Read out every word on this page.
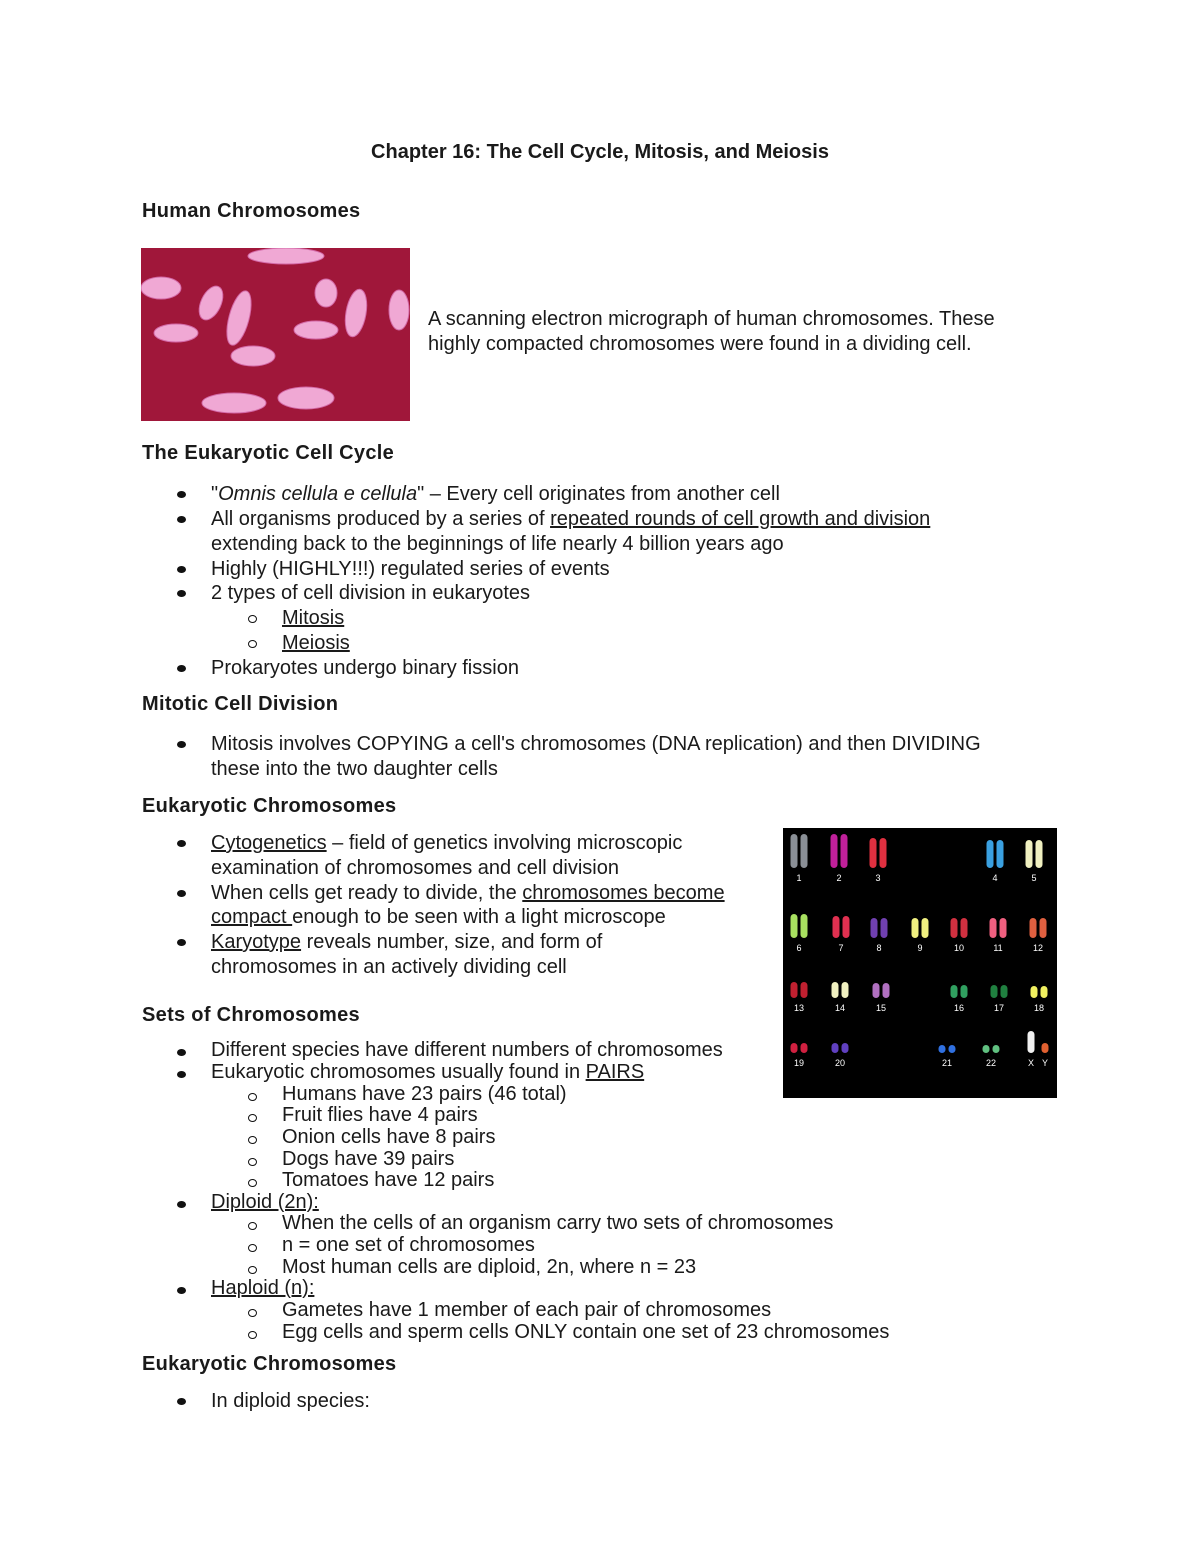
Chapter 16: The Cell Cycle, Mitosis, and Meiosis
Human Chromosomes
A scanning electron micrograph of human chromosomes. These
highly compacted chromosomes were found in a dividing cell.
The Eukaryotic Cell Cycle
"Omnis cellula e cellula" – Every cell originates from another cell
All organisms produced by a series of repeated rounds of cell growth and division
extending back to the beginnings of life nearly 4 billion years ago
Highly (HIGHLY!!!) regulated series of events
2 types of cell division in eukaryotes
Mitosis
Meiosis
Prokaryotes undergo binary fission
Mitotic Cell Division
Mitosis involves COPYING a cell's chromosomes (DNA replication) and then DIVIDING
these into the two daughter cells
Eukaryotic Chromosomes
Cytogenetics – field of genetics involving microscopic
examination of chromosomes and cell division
When cells get ready to divide, the chromosomes become
compact enough to be seen with a light microscope
Karyotype reveals number, size, and form of
chromosomes in an actively dividing cell
1	2	3	4	5
6	7	8	9	10	11	12
13	14	15	16	17	18
19	20	21	22	X Y
Sets of Chromosomes
Different species have different numbers of chromosomes
Eukaryotic chromosomes usually found in PAIRS
Humans have 23 pairs (46 total)
Fruit flies have 4 pairs
Onion cells have 8 pairs
Dogs have 39 pairs
Tomatoes have 12 pairs
Diploid (2n):
When the cells of an organism carry two sets of chromosomes
n = one set of chromosomes
Most human cells are diploid, 2n, where n = 23
Haploid (n):
Gametes have 1 member of each pair of chromosomes
Egg cells and sperm cells ONLY contain one set of 23 chromosomes
Eukaryotic Chromosomes
In diploid species:
